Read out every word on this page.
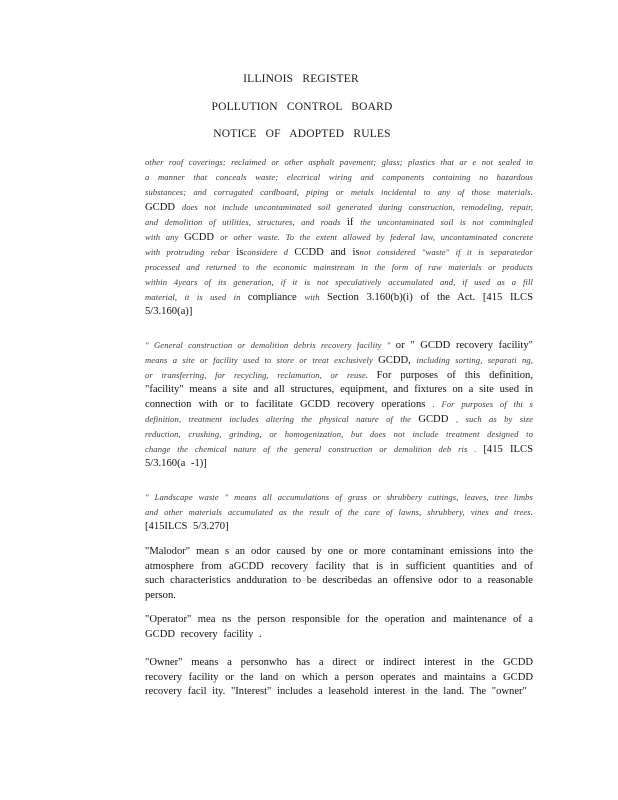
ILLINOIS REGISTER
POLLUTION CONTROL BOARD
NOTICE OF ADOPTED RULES
other roof coverings; reclaimed or other asphalt pavement; glass; plastics that ar e not sealed in a manner that conceals waste; electrical wiring and components containing no hazardous substances; and corrugated cardboard, piping or metals incidental to any of those materials. GCDD does not include uncontaminated soil generated during construction, remodeling, repair, and demolition of utilities, structures, and roads if the uncontaminated soil is not commingled with any GCDD or other waste. To the extent allowed by federal law, uncontaminated concrete with protruding rebar isconsidere d CCDD and isnot considered "waste" if it is separatedor processed and returned to the economic mainstream in the form of raw materials or products within 4years of its generation, if it is not speculatively accumulated and, if used as a fill material, it is used in compliance with Section 3.160(b)(i) of the Act. [415 ILCS 5/3.160(a)]
" General construction or demolition debris recovery facility " or " GCDD recovery facility" means a site or facility used to store or treat exclusively GCDD, including sorting, separati ng, or transferring, for recycling, reclamation, or reuse. For purposes of this definition, "facility" means a site and all structures, equipment, and fixtures on a site used in connection with or to facilitate GCDD recovery operations . For purposes of thi s definition, treatment includes altering the physical nature of the GCDD , such as by size reduction, crushing, grinding, or homogenization, but does not include treatment designed to change the chemical nature of the general construction or demolition deb ris . [415 ILCS 5/3.160(a -1)]
" Landscape waste " means all accumulations of grass or shrubbery cuttings, leaves, tree limbs and other materials accumulated as the result of the care of lawns, shrubbery, vines and trees. [415ILCS 5/3.270]
"Malodor" mean s an odor caused by one or more contaminant emissions into the atmosphere from aGCDD recovery facility that is in sufficient quantities and of such characteristics andduration to be describedas an offensive odor to a reasonable person.
"Operator" mea ns the person responsible for the operation and maintenance of a GCDD recovery facility .
"Owner" means a personwho has a direct or indirect interest in the GCDD recovery facility or the land on which a person operates and maintains a GCDD recovery facil ity. "Interest" includes a leasehold interest in the land. The "owner"
